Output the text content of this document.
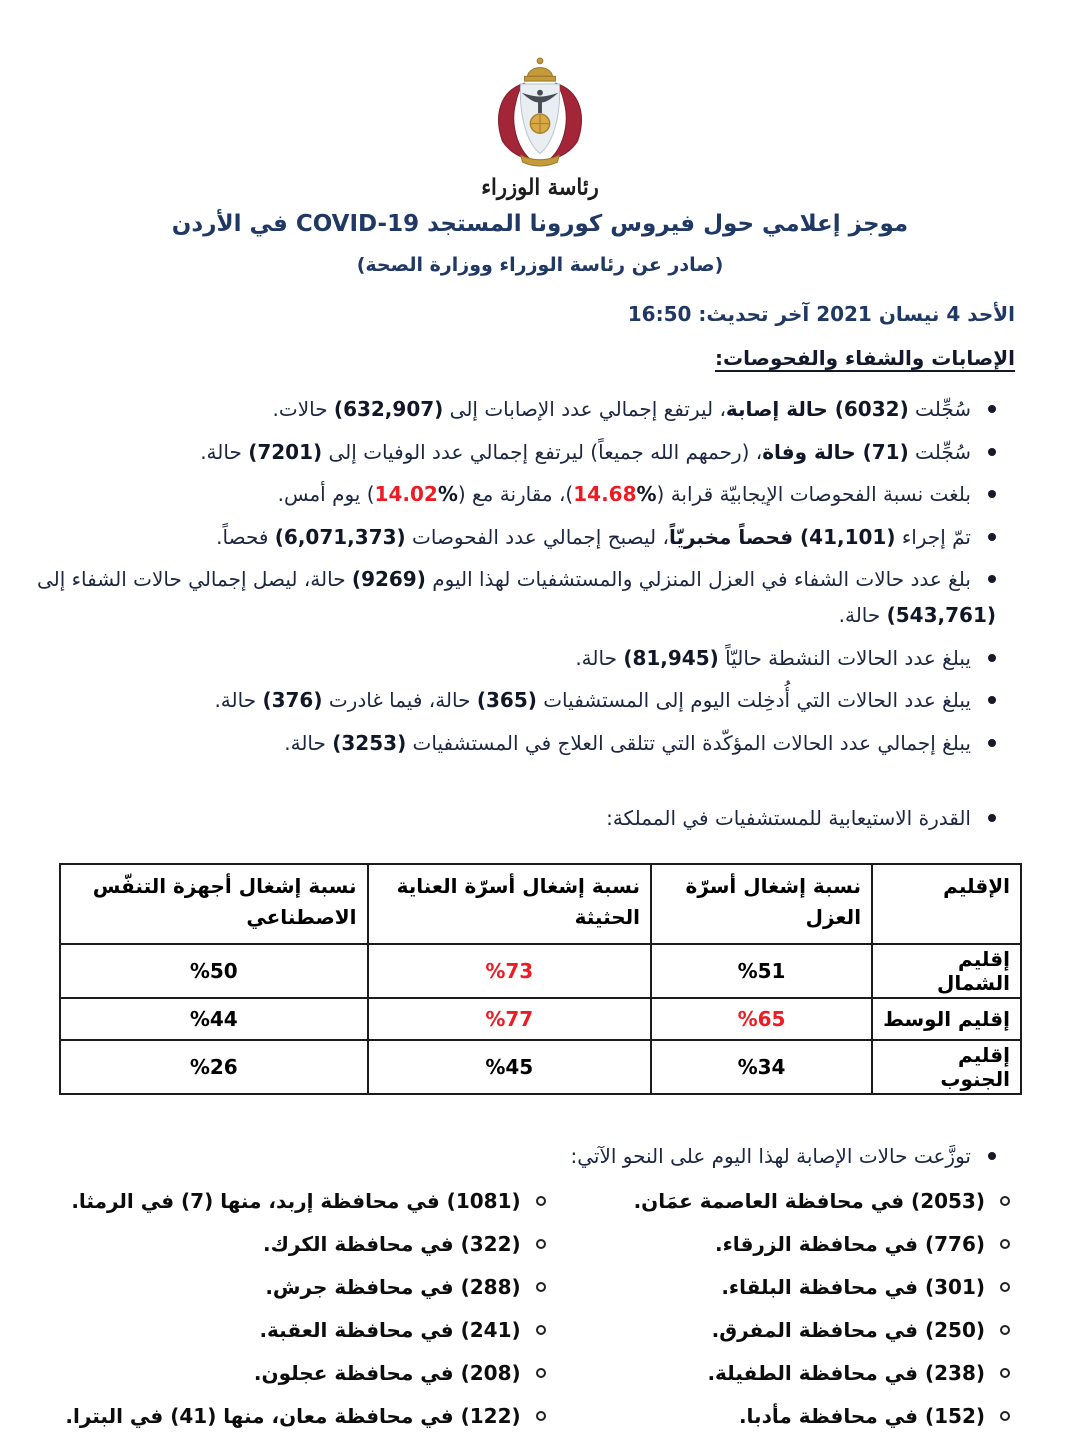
رئاسة الوزراء
موجز إعلامي حول فيروس كورونا المستجد COVID-19 في الأردن
(صادر عن رئاسة الوزراء ووزارة الصحة)
الأحد 4 نيسان 2021 آخر تحديث: 16:50
الإصابات والشفاء والفحوصات:
سُجِّلت (6032) حالة إصابة، ليرتفع إجمالي عدد الإصابات إلى (632,907) حالات.
سُجِّلت (71) حالة وفاة، (رحمهم الله جميعاً) ليرتفع إجمالي عدد الوفيات إلى (7201) حالة.
بلغت نسبة الفحوصات الإيجابيّة قرابة (%14.68)، مقارنة مع (%14.02) يوم أمس.
تمّ إجراء (41,101) فحصاً مخبريّاً، ليصبح إجمالي عدد الفحوصات (6,071,373) فحصاً.
بلغ عدد حالات الشفاء في العزل المنزلي والمستشفيات لهذا اليوم (9269) حالة، ليصل إجمالي حالات الشفاء إلى (543,761) حالة.
يبلغ عدد الحالات النشطة حاليّاً (81,945) حالة.
يبلغ عدد الحالات التي أُدخِلت اليوم إلى المستشفيات (365) حالة، فيما غادرت (376) حالة.
يبلغ إجمالي عدد الحالات المؤكّدة التي تتلقى العلاج في المستشفيات (3253) حالة.
القدرة الاستيعابية للمستشفيات في المملكة:
الإقليم	نسبة إشغال أسرّة العزل	نسبة إشغال أسرّة العناية الحثيثة	نسبة إشغال أجهزة التنفّس الاصطناعي
إقليم الشمال	%51	%73	%50
إقليم الوسط	%65	%77	%44
إقليم الجنوب	%34	%45	%26
توزَّعت حالات الإصابة لهذا اليوم على النحو الآتي:
(2053) في محافظة العاصمة عمَان.
(776) في محافظة الزرقاء.
(301) في محافظة البلقاء.
(250) في محافظة المفرق.
(238) في محافظة الطفيلة.
(152) في محافظة مأدبا.
(1081) في محافظة إربد، منها (7) في الرمثا.
(322) في محافظة الكرك.
(288) في محافظة جرش.
(241) في محافظة العقبة.
(208) في محافظة عجلون.
(122) في محافظة معان، منها (41) في البترا.
